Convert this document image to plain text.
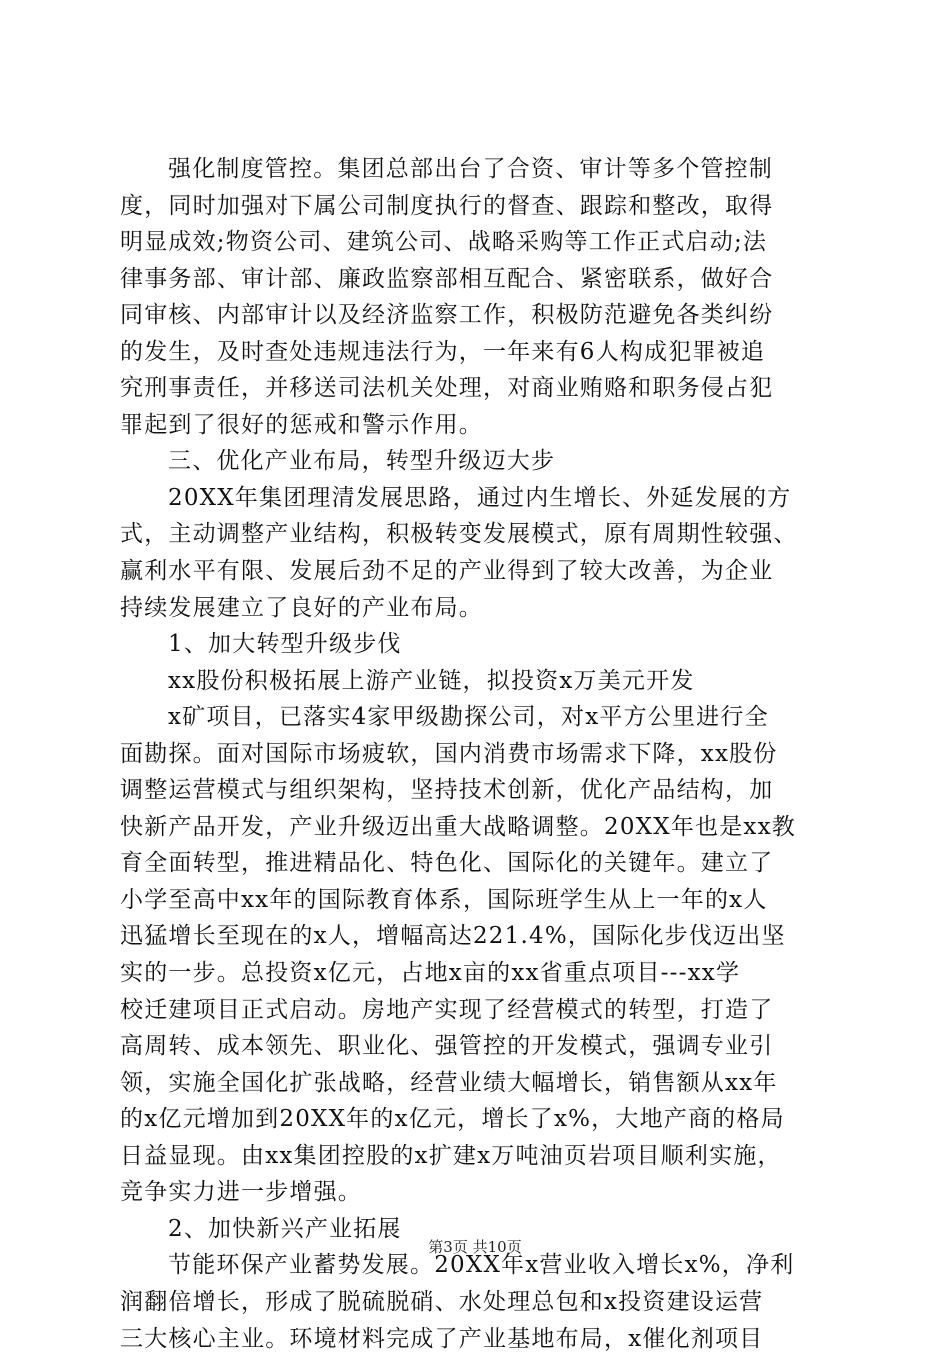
强化制度管控。集团总部出台了合资、审计等多个管控制
度，同时加强对下属公司制度执行的督查、跟踪和整改，取得
明显成效;物资公司、建筑公司、战略采购等工作正式启动;法
律事务部、审计部、廉政监察部相互配合、紧密联系，做好合
同审核、内部审计以及经济监察工作，积极防范避免各类纠纷
的发生，及时查处违规违法行为，一年来有6人构成犯罪被追
究刑事责任，并移送司法机关处理，对商业贿赂和职务侵占犯
罪起到了很好的惩戒和警示作用。
三、优化产业布局，转型升级迈大步
20XX年集团理清发展思路，通过内生增长、外延发展的方
式，主动调整产业结构，积极转变发展模式，原有周期性较强、
赢利水平有限、发展后劲不足的产业得到了较大改善，为企业
持续发展建立了良好的产业布局。
1、加大转型升级步伐
xx股份积极拓展上游产业链，拟投资x万美元开发
x矿项目，已落实4家甲级勘探公司，对x平方公里进行全
面勘探。面对国际市场疲软，国内消费市场需求下降，xx股份
调整运营模式与组织架构，坚持技术创新，优化产品结构，加
快新产品开发，产业升级迈出重大战略调整。20XX年也是xx教
育全面转型，推进精品化、特色化、国际化的关键年。建立了
小学至高中xx年的国际教育体系，国际班学生从上一年的x人
迅猛增长至现在的x人，增幅高达221.4%，国际化步伐迈出坚
实的一步。总投资x亿元，占地x亩的xx省重点项目---xx学
校迁建项目正式启动。房地产实现了经营模式的转型，打造了
高周转、成本领先、职业化、强管控的开发模式，强调专业引
领，实施全国化扩张战略，经营业绩大幅增长，销售额从xx年
的x亿元增加到20XX年的x亿元，增长了x%，大地产商的格局
日益显现。由xx集团控股的x扩建x万吨油页岩项目顺利实施，
竞争实力进一步增强。
2、加快新兴产业拓展
节能环保产业蓄势发展。20XX年x营业收入增长x%，净利
润翻倍增长，形成了脱硫脱硝、水处理总包和x投资建设运营
三大核心主业。环境材料完成了产业基地布局，x催化剂项目
第3页 共10页
